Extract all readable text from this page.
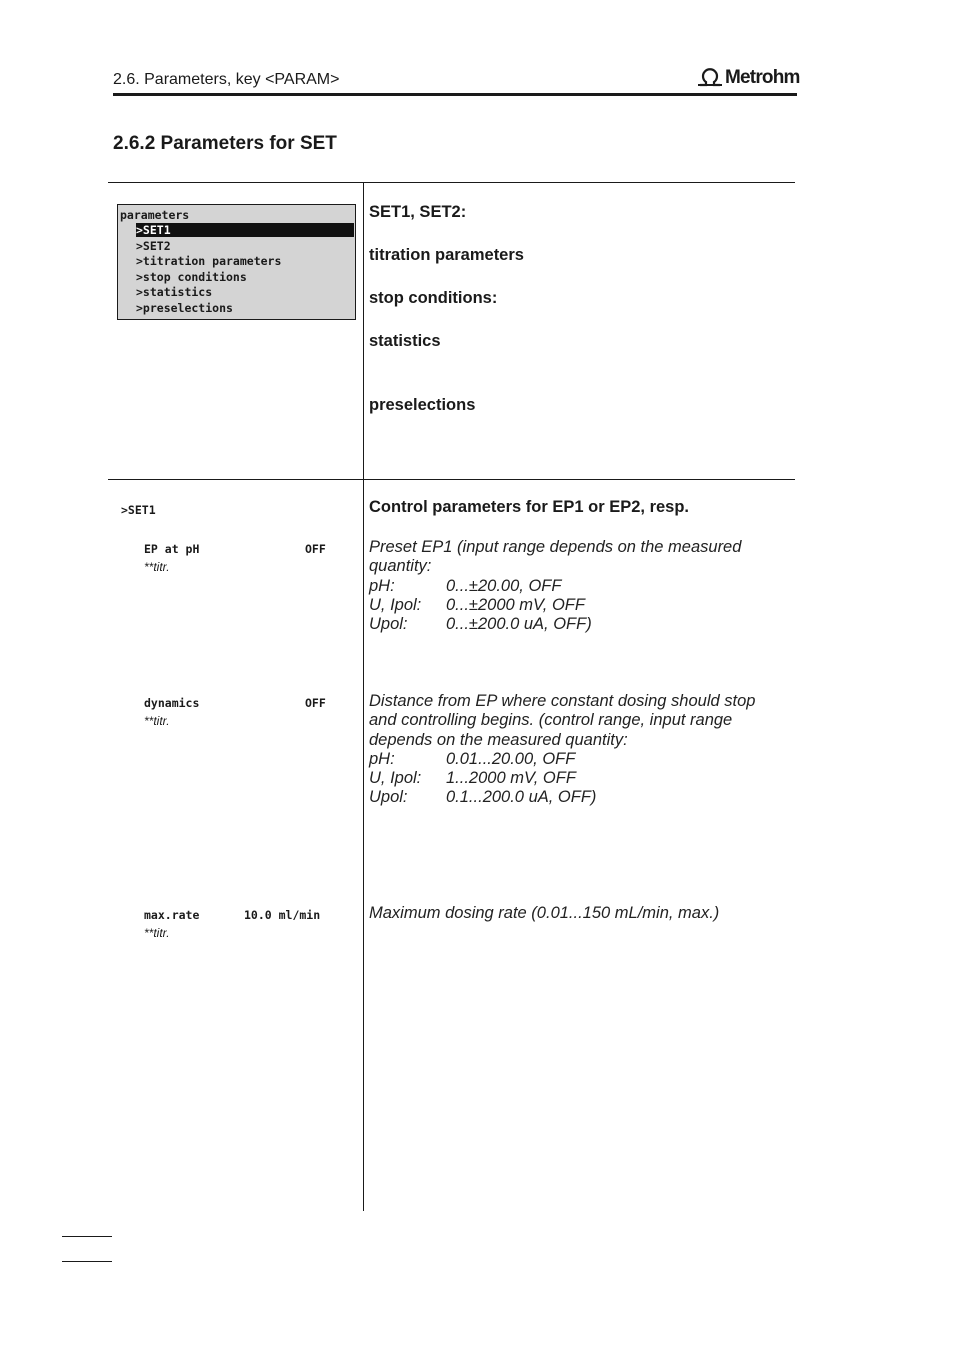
2.6. Parameters, key <PARAM>	Metrohm
2.6.2 Parameters for SET
parameters
>SET1
>SET2
>titration parameters
>stop conditions
>statistics
>preselections
SET1, SET2:
titration parameters
stop conditions:
statistics
preselections
>SET1	Control parameters for EP1 or EP2, resp.
EP at pH	OFF
**titr.
Preset EP1 (input range depends on the measured
quantity:
pH:	0...±20.00, OFF
U, Ipol:	0...±2000 mV, OFF
Upol:	0...±200.0 uA, OFF)
dynamics	OFF
**titr.
Distance from EP where constant dosing should stop
and controlling begins. (control range, input range
depends on the measured quantity:
pH:	0.01...20.00, OFF
U, Ipol:	1...2000 mV, OFF
Upol:	0.1...200.0 uA, OFF)
max.rate	10.0 ml/min
**titr.
Maximum dosing rate (0.01...150 mL/min, max.)
